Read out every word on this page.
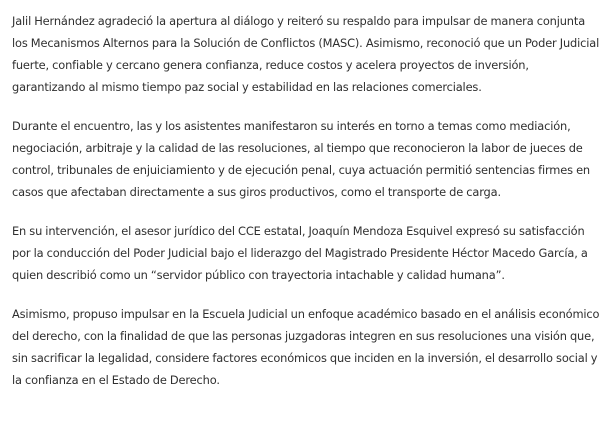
Jalil Hernández agradeció la apertura al diálogo y reiteró su respaldo para impulsar de manera conjunta los Mecanismos Alternos para la Solución de Conflictos (MASC). Asimismo, reconoció que un Poder Judicial fuerte, confiable y cercano genera confianza, reduce costos y acelera proyectos de inversión, garantizando al mismo tiempo paz social y estabilidad en las relaciones comerciales.

Durante el encuentro, las y los asistentes manifestaron su interés en torno a temas como mediación, negociación, arbitraje y la calidad de las resoluciones, al tiempo que reconocieron la labor de jueces de control, tribunales de enjuiciamiento y de ejecución penal, cuya actuación permitió sentencias firmes en casos que afectaban directamente a sus giros productivos, como el transporte de carga.

En su intervención, el asesor jurídico del CCE estatal, Joaquín Mendoza Esquivel expresó su satisfacción por la conducción del Poder Judicial bajo el liderazgo del Magistrado Presidente Héctor Macedo García, a quien describió como un “servidor público con trayectoria intachable y calidad humana”.

Asimismo, propuso impulsar en la Escuela Judicial un enfoque académico basado en el análisis económico del derecho, con la finalidad de que las personas juzgadoras integren en sus resoluciones una visión que, sin sacrificar la legalidad, considere factores económicos que inciden en la inversión, el desarrollo social y la confianza en el Estado de Derecho.
